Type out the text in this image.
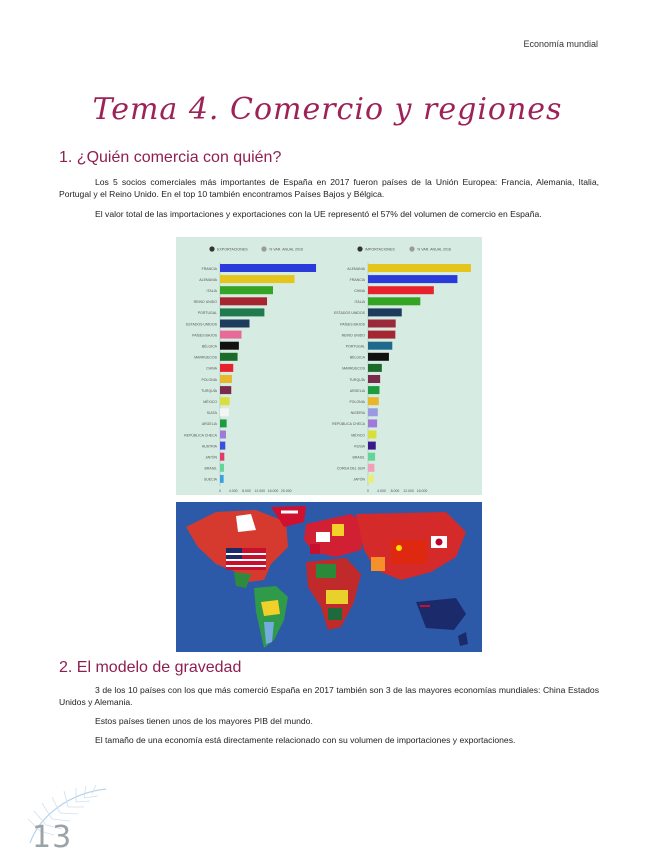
Economía mundial
Tema 4. Comercio y regiones
1. ¿Quién comercia con quién?
Los 5 socios comerciales más importantes de España en 2017 fueron países de la Unión Europea: Francia, Alemania, Italia, Portugal y el Reino Unido. En el top 10 también encontramos Países Bajos y Bélgica.
El valor total de las importaciones y exportaciones con la UE representó el 57% del volumen de comercio en España.
EXPORTACIONES	% VAR. ANUAL 2016
FRANCIA
ALEMANIA
ITALIA
REINO UNIDO
PORTUGAL
ESTADOS UNIDOS
PAÍSES BAJOS
BÉLGICA
MARRUECOS
CHINA
POLONIA
TURQUÍA
MÉXICO
SUIZA
ARGELIA
REPÚBLICA CHECA
AUSTRIA
JAPÓN
BRASIL
SUECIA
0 4.000 8.000 12.000 16.000 20.000
IMPORTACIONES	% VAR. ANUAL 2016
ALEMANIA
FRANCIA
CHINA
ITALIA
ESTADOS UNIDOS
PAÍSES BAJOS
REINO UNIDO
PORTUGAL
BÉLGICA
MARRUECOS
TURQUÍA
ARGELIA
POLONIA
NIGERIA
REPÚBLICA CHECA
MÉXICO
RUSIA
BRASIL
COREA DEL SUR
JAPÓN
0 4.000 8.000 12.000 16.000
2. El modelo de gravedad
3 de los 10 países con los que más comerció España en 2017 también son 3 de las mayores economías mundiales: China Estados Unidos y Alemania.
Estos países tienen unos de los mayores PIB del mundo.
El tamaño de una economía está directamente relacionado con su volumen de importaciones y exportaciones.
13
